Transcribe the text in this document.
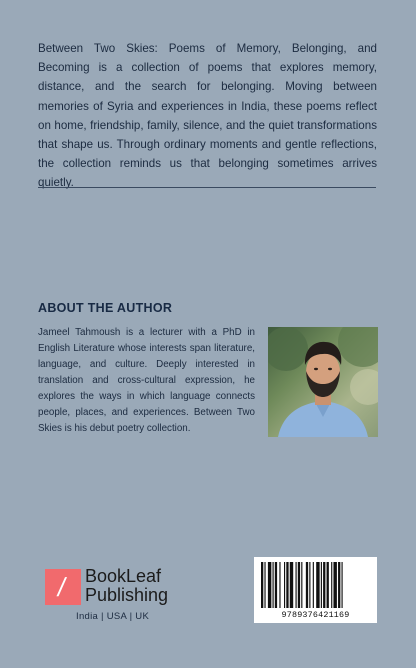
Between Two Skies: Poems of Memory, Belonging, and Becoming is a collection of poems that explores memory, distance, and the search for belonging. Moving between memories of Syria and experiences in India, these poems reflect on home, friendship, family, silence, and the quiet transformations that shape us. Through ordinary moments and gentle reflections, the collection reminds us that belonging sometimes arrives quietly.

ABOUT THE AUTHOR

Jameel Tahmoush is a lecturer with a PhD in English Literature whose interests span literature, language, and culture. Deeply interested in translation and cross-cultural expression, he explores the ways in which language connects people, places, and experiences. Between Two Skies is his debut poetry collection.

/ BookLeaf
Publishing
India | USA | UK	9789376421169
